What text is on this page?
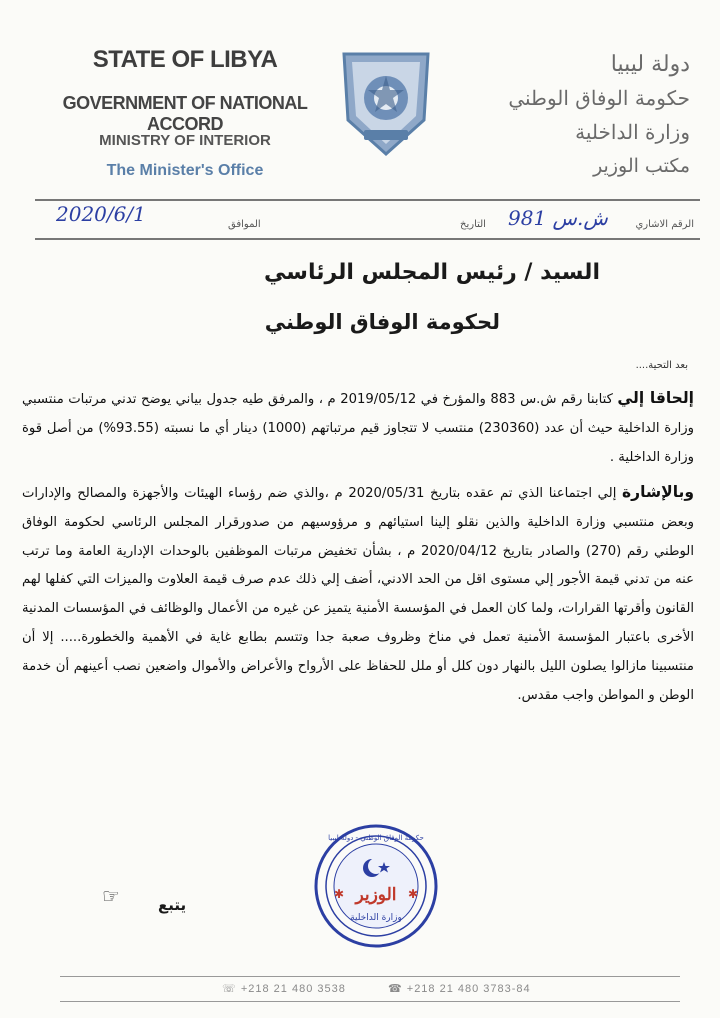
STATE OF LIBYA
GOVERNMENT OF NATIONAL ACCORD
MINISTRY OF INTERIOR
The Minister's Office
دولة ليبيا
حكومة الوفاق الوطني
وزارة الداخلية
مكتب الوزير
الرقم الاشاري
ش.س 981
التاريخ
الموافق
2020/6/1
السيد / رئيس المجلس الرئاسي
لحكومة الوفاق الوطني
بعد التحية....

إلحاقا إلي كتابنا رقم ش.س 883 والمؤرخ في 2019/05/12 م ، والمرفق طيه جدول بياني يوضح تدني مرتبات منتسبي وزارة الداخلية حيث أن عدد (230360) منتسب لا تتجاوز قيم مرتباتهم (1000) دينار أي ما نسبته (93.55%) من أصل قوة وزارة الداخلية .

وبالإشارة إلي اجتماعنا الذي تم عقده بتاريخ 2020/05/31 م ،والذي ضم رؤساء الهيئات والأجهزة والمصالح والإدارات وبعض منتسبي وزارة الداخلية والذين نقلو إلينا استيائهم و مرؤوسيهم من صدورقرار المجلس الرئاسي لحكومة الوفاق الوطني رقم (270) والصادر بتاريخ 2020/04/12 م ، بشأن تخفيض مرتبات الموظفين بالوحدات الإدارية العامة وما ترتب عنه من تدني قيمة الأجور إلي مستوى اقل من الحد الادني، أضف إلي ذلك عدم صرف قيمة العلاوت والميزات التي كفلها لهم القانون وأقرتها القرارات، ولما كان العمل في المؤسسة الأمنية يتميز عن غيره من الأعمال والوظائف في المؤسسات المدنية الأخرى باعتبار المؤسسة الأمنية تعمل في مناخ وظروف صعبة جدا وتتسم بطابع غاية في الأهمية والخطورة..... إلا أن منتسبينا مازالوا يصلون الليل بالنهار دون كلل أو ملل للحفاظ على الأرواح والأعراض والأموال واضعين نصب أعينهم أن خدمة الوطن و المواطن واجب مقدس.

يتبع
☞
حكومة الوفاق الوطني - دولة ليبيا
الوزير
وزارة الداخلية
✱	✱
☏ +218 21 480 3538	☎ +218 21 480 3783-84
